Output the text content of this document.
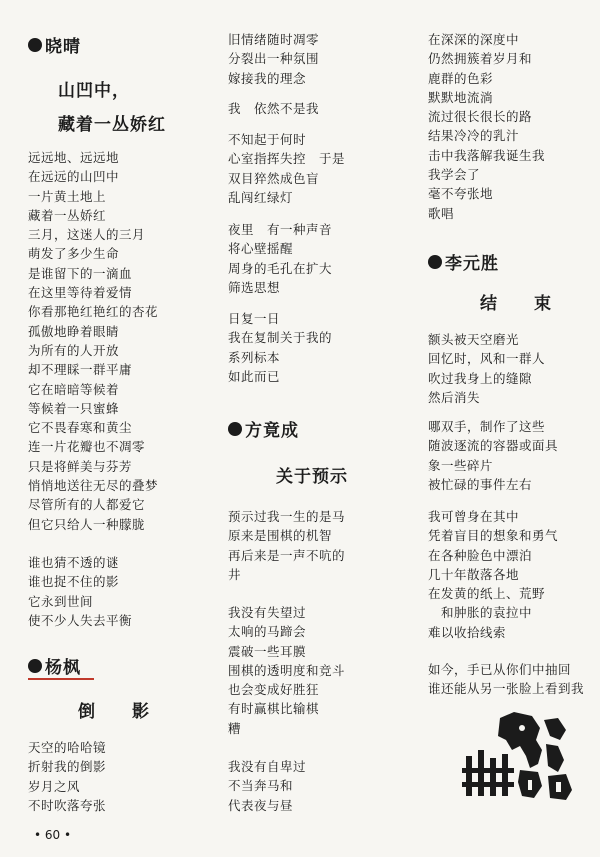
晓晴
山凹中，
藏着一丛娇红
远远地、远远地
在远远的山凹中
一片黄土地上
藏着一丛娇红
三月，这迷人的三月
萌发了多少生命
是谁留下的一滴血
在这里等待着爱情
你看那艳红艳红的杏花
孤傲地睁着眼睛
为所有的人开放
却不理睬一群平庸
它在暗暗等候着
等候着一只蜜蜂
它不畏春寒和黄尘
连一片花瓣也不凋零
只是将鲜美与芬芳
悄悄地送往无尽的叠梦
尽管所有的人都爱它
但它只给人一种朦胧
谁也猜不透的谜
谁也捉不住的影
它永到世间
使不少人失去平衡
杨枫
倒　　影
天空的哈哈镜
折射我的倒影
岁月之风
不时吹落夸张
旧情绪随时凋零
分裂出一种氛围
嫁接我的理念
我　依然不是我
不知起于何时
心室指挥失控　于是
双目猝然成色盲
乱闯红绿灯
夜里　有一种声音
将心壁摇醒
周身的毛孔在扩大
筛选思想
日复一日
我在复制关于我的
系列标本
如此而已
方竟成
关于预示
预示过我一生的是马
原来是围棋的机智
再后来是一声不吭的
井
我没有失望过
太响的马蹄会
震破一些耳膜
围棋的透明度和竞斗
也会变成好胜狂
有时赢棋比输棋
糟
我没有自卑过
不当奔马和
代表夜与昼
在深深的深度中
仍然拥簇着岁月和
鹿群的色彩
默默地流淌
流过很长很长的路
结果冷冷的乳汁
击中我落解我诞生我
我学会了
毫不夸张地
歌唱
李元胜
结　　束
额头被天空磨光
回忆时，风和一群人
吹过我身上的缝隙
然后消失
哪双手，制作了这些
随波逐流的容器或面具
象一些碎片
被忙碌的事件左右
我可曾身在其中
凭着盲目的想象和勇气
在各种脸色中漂泊
几十年散落各地
在发黄的纸上、荒野
　和肿胀的袁拉中
难以收拾线索
如今，手已从你们中抽回
谁还能从另一张脸上看到我
• 60 •
